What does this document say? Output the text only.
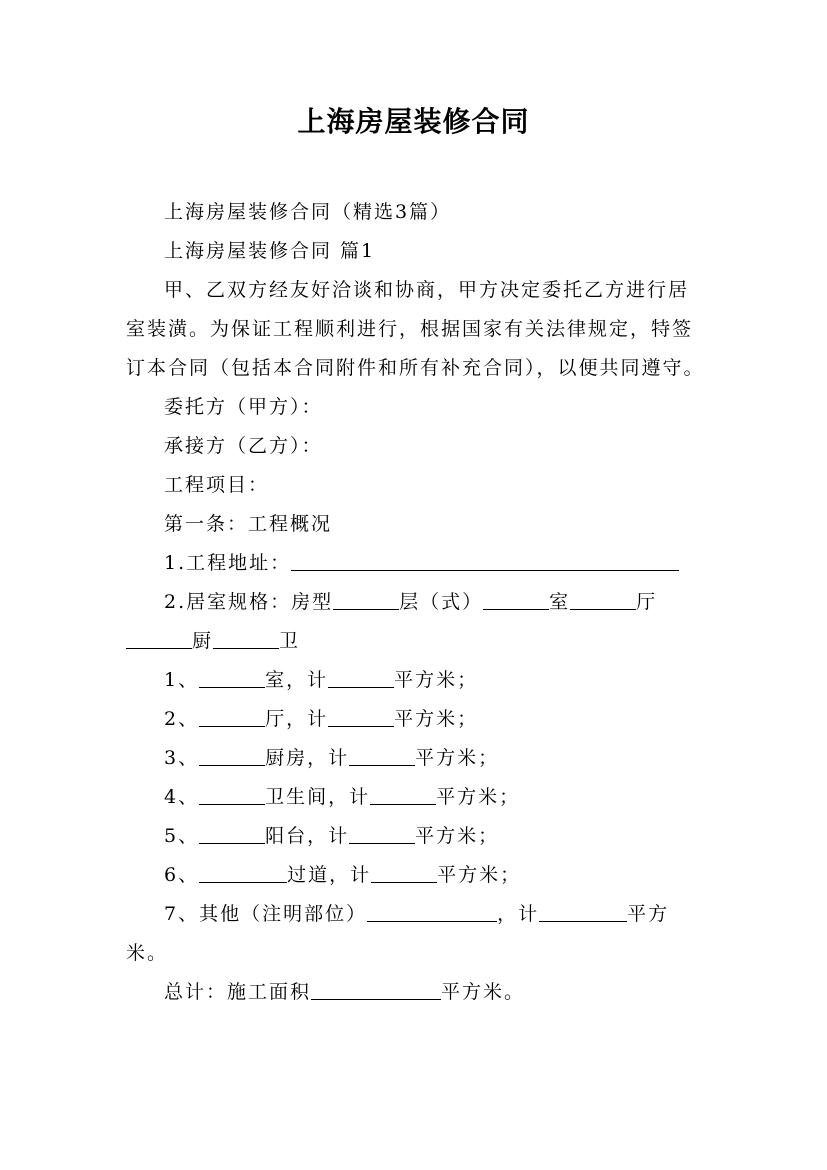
上海房屋装修合同

上海房屋装修合同（精选3篇）

上海房屋装修合同 篇1

甲、乙双方经友好洽谈和协商，甲方决定委托乙方进行居室装潢。为保证工程顺利进行，根据国家有关法律规定，特签订本合同（包括本合同附件和所有补充合同），以便共同遵守。

委托方（甲方）：

承接方（乙方）：

工程项目：

第一条：工程概况

1.工程地址：

2.居室规格：房型	层（式）	室	厅厨	卫

1、	室，计	平方米；

2、	厅，计	平方米；

3、	厨房，计	平方米；

4、	卫生间，计	平方米；

5、	阳台，计	平方米；

6、	过道，计	平方米；

7、其他（注明部位）	，计	平方米。

总计：施工面积	平方米。
